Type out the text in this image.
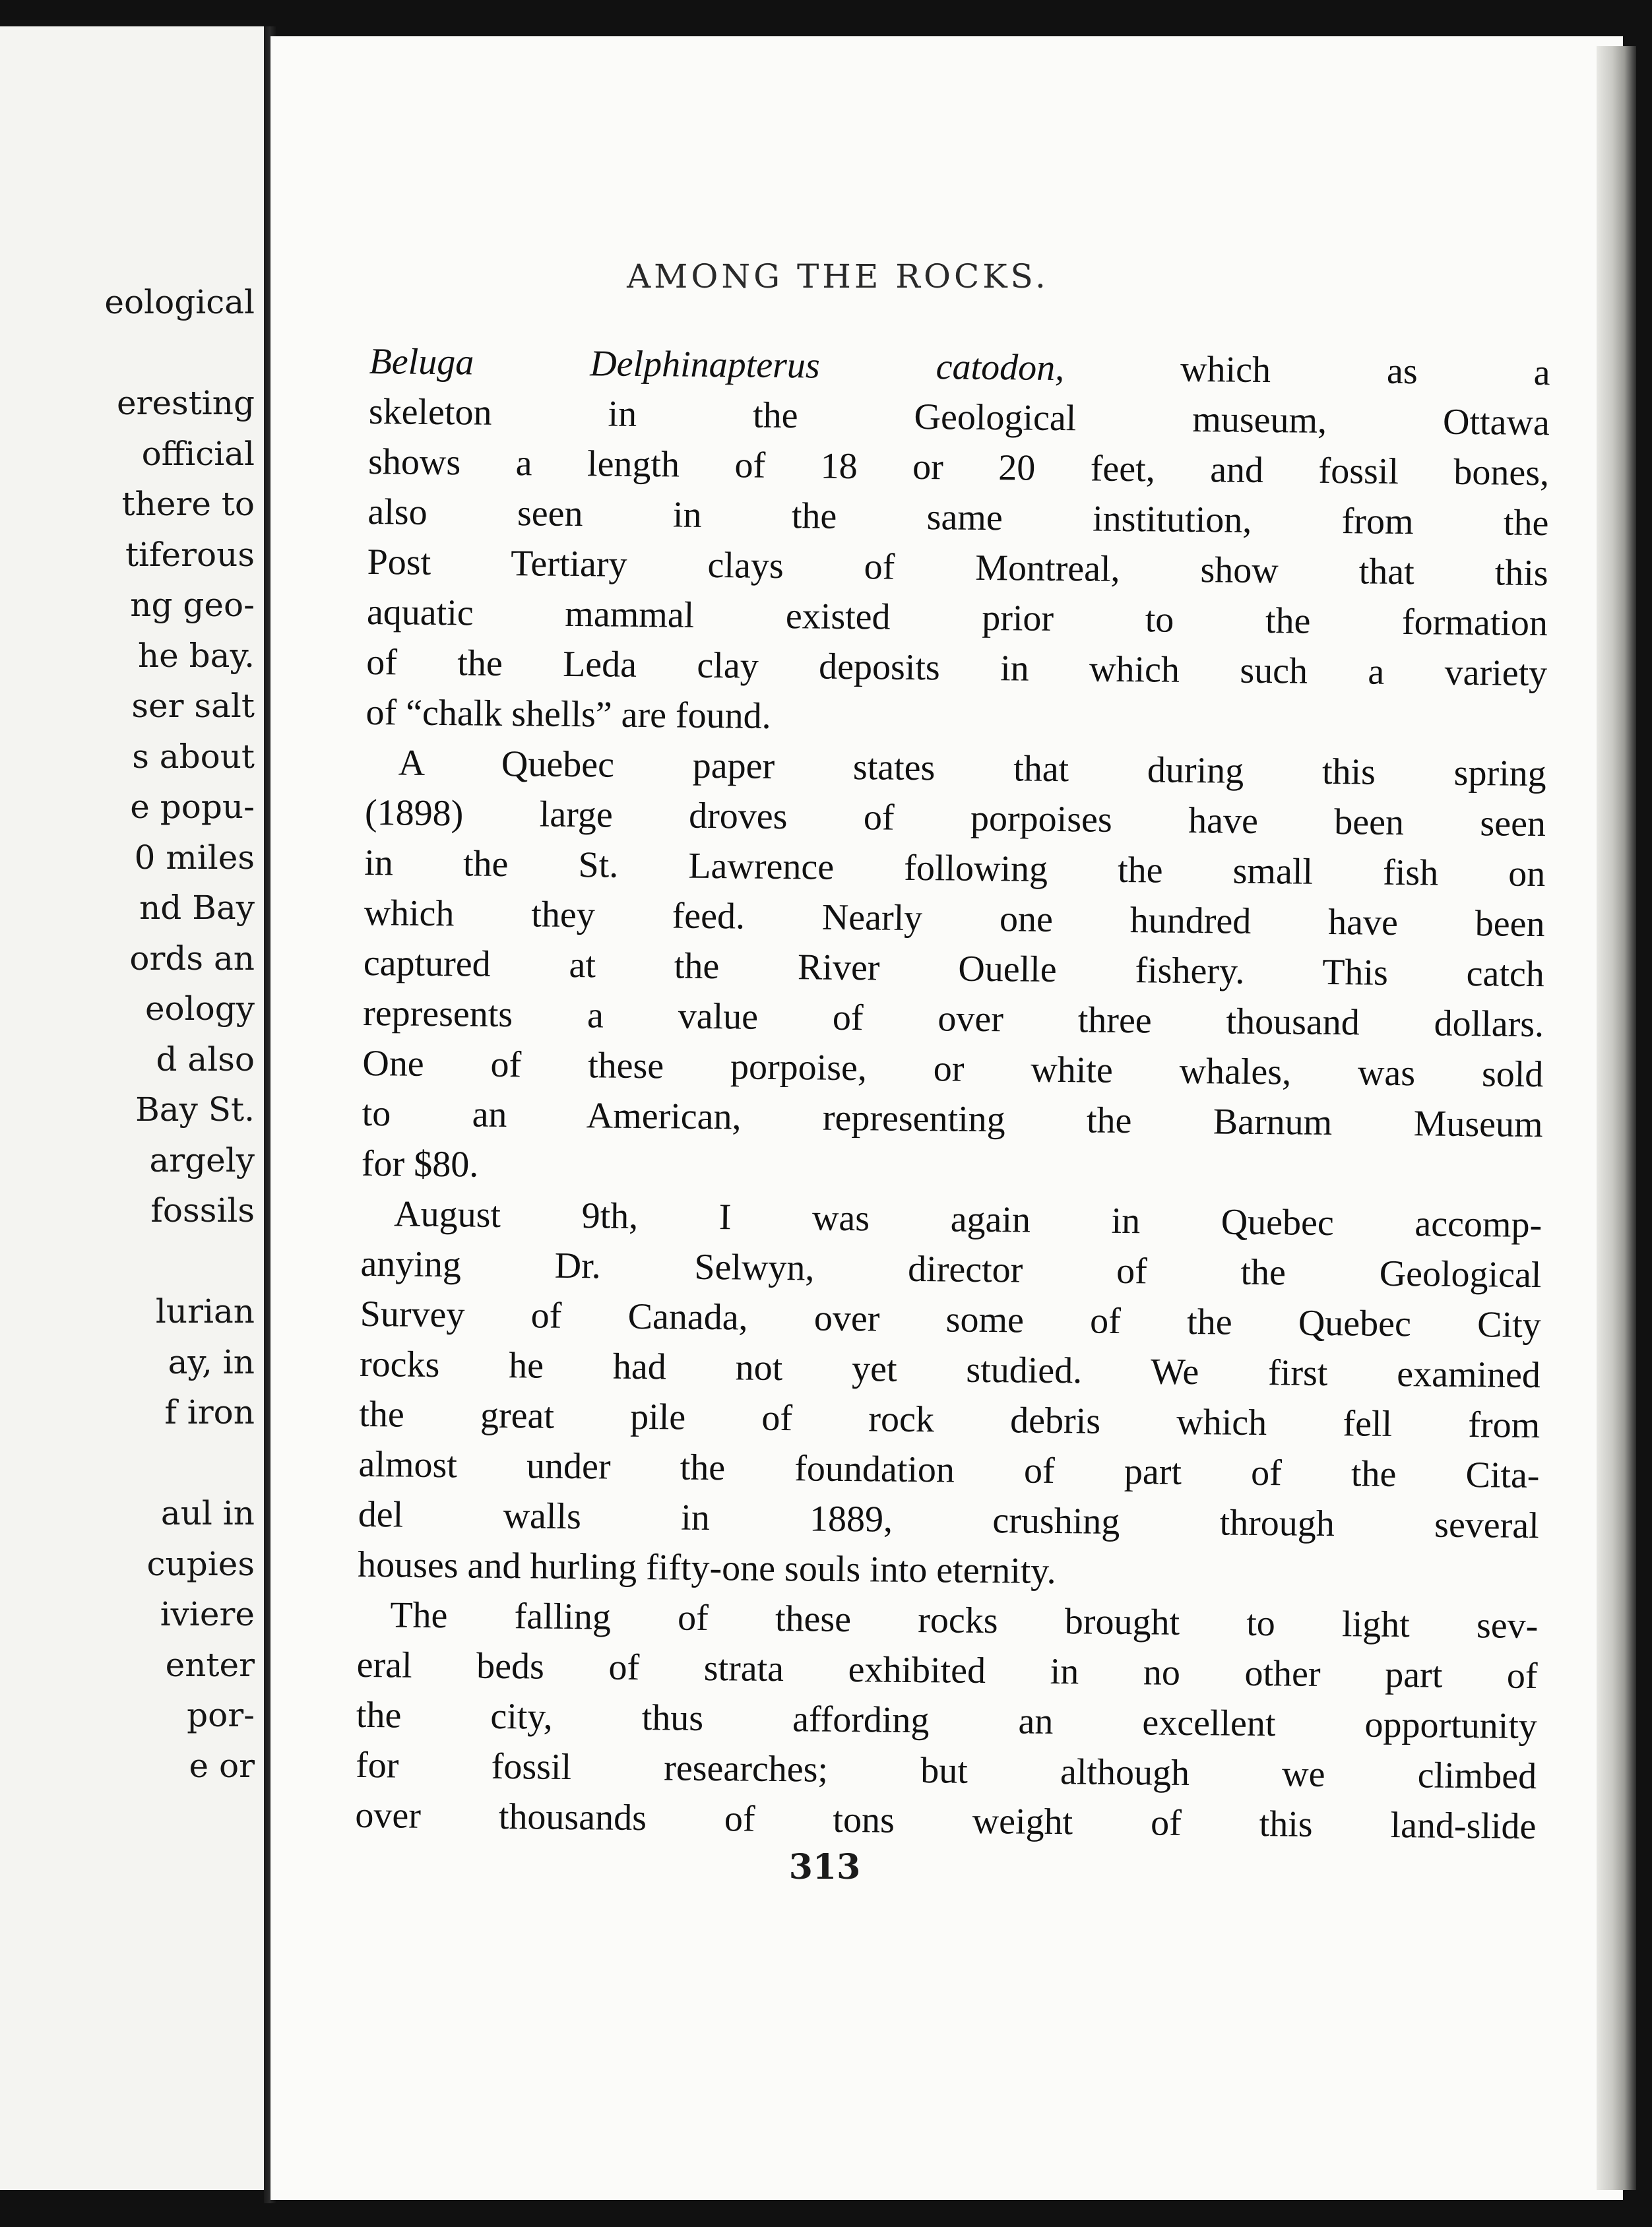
eological
eresting
official
there to
tiferous
ng geo-
he bay.
ser salt
s about
e popu-
0 miles
nd Bay
ords an
eology
d also
Bay St.
argely
fossils
lurian
ay, in
f iron
aul in
cupies
iviere
enter
por-
e or
AMONG THE ROCKS.
Beluga Delphinapterus catodon, which as a
skeleton in the Geological museum, Ottawa
shows a length of 18 or 20 feet, and fossil bones,
also seen in the same institution, from the
Post Tertiary clays of Montreal, show that this
aquatic mammal existed prior to the formation
of the Leda clay deposits in which such a variety
of “chalk shells” are found.
A Quebec paper states that during this spring
(1898) large droves of porpoises have been seen
in the St. Lawrence following the small fish on
which they feed. Nearly one hundred have been
captured at the River Ouelle fishery. This catch
represents a value of over three thousand dollars.
One of these porpoise, or white whales, was sold
to an American, representing the Barnum Museum
for $80.
August 9th, I was again in Quebec accomp-
anying Dr. Selwyn, director of the Geological
Survey of Canada, over some of the Quebec City
rocks he had not yet studied. We first examined
the great pile of rock debris which fell from
almost under the foundation of part of the Cita-
del walls in 1889, crushing through several
houses and hurling fifty-one souls into eternity.
The falling of these rocks brought to light sev-
eral beds of strata exhibited in no other part of
the city, thus affording an excellent opportunity
for fossil researches; but although we climbed
over thousands of tons weight of this land-slide
313
